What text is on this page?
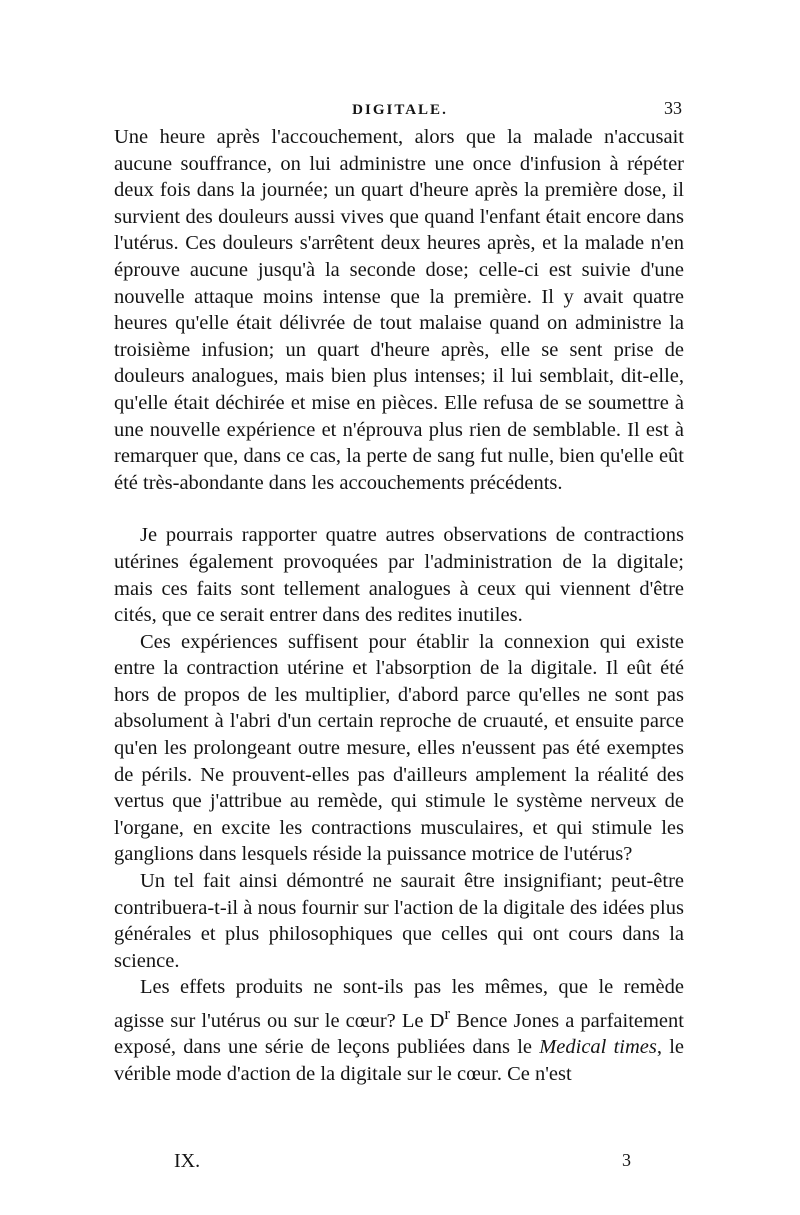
DIGITALE.	33

Une heure après l'accouchement, alors que la malade n'accusait aucune souffrance, on lui administre une once d'infusion à répéter deux fois dans la journée; un quart d'heure après la première dose, il survient des douleurs aussi vives que quand l'enfant était encore dans l'utérus. Ces douleurs s'arrêtent deux heures après, et la malade n'en éprouve aucune jusqu'à la seconde dose; celle-ci est suivie d'une nouvelle attaque moins intense que la première. Il y avait quatre heures qu'elle était délivrée de tout malaise quand on administre la troisième infusion; un quart d'heure après, elle se sent prise de douleurs analogues, mais bien plus intenses; il lui semblait, dit-elle, qu'elle était déchirée et mise en pièces. Elle refusa de se soumettre à une nouvelle expérience et n'éprouva plus rien de semblable. Il est à remarquer que, dans ce cas, la perte de sang fut nulle, bien qu'elle eût été très-abondante dans les accouchements précédents.

Je pourrais rapporter quatre autres observations de contractions utérines également provoquées par l'administration de la digitale; mais ces faits sont tellement analogues à ceux qui viennent d'être cités, que ce serait entrer dans des redites inutiles.

Ces expériences suffisent pour établir la connexion qui existe entre la contraction utérine et l'absorption de la digitale. Il eût été hors de propos de les multiplier, d'abord parce qu'elles ne sont pas absolument à l'abri d'un certain reproche de cruauté, et ensuite parce qu'en les prolongeant outre mesure, elles n'eussent pas été exemptes de périls. Ne prouvent-elles pas d'ailleurs amplement la réalité des vertus que j'attribue au remède, qui stimule le système nerveux de l'organe, en excite les contractions musculaires, et qui stimule les ganglions dans lesquels réside la puissance motrice de l'utérus?

Un tel fait ainsi démontré ne saurait être insignifiant; peut-être contribuera-t-il à nous fournir sur l'action de la digitale des idées plus générales et plus philosophiques que celles qui ont cours dans la science.

Les effets produits ne sont-ils pas les mêmes, que le remède agisse sur l'utérus ou sur le cœur? Le $D^r$ Bence Jones a parfaitement exposé, dans une série de leçons publiées dans le Medical times, le vérible mode d'action de la digitale sur le cœur. Ce n'est

IX.	3
